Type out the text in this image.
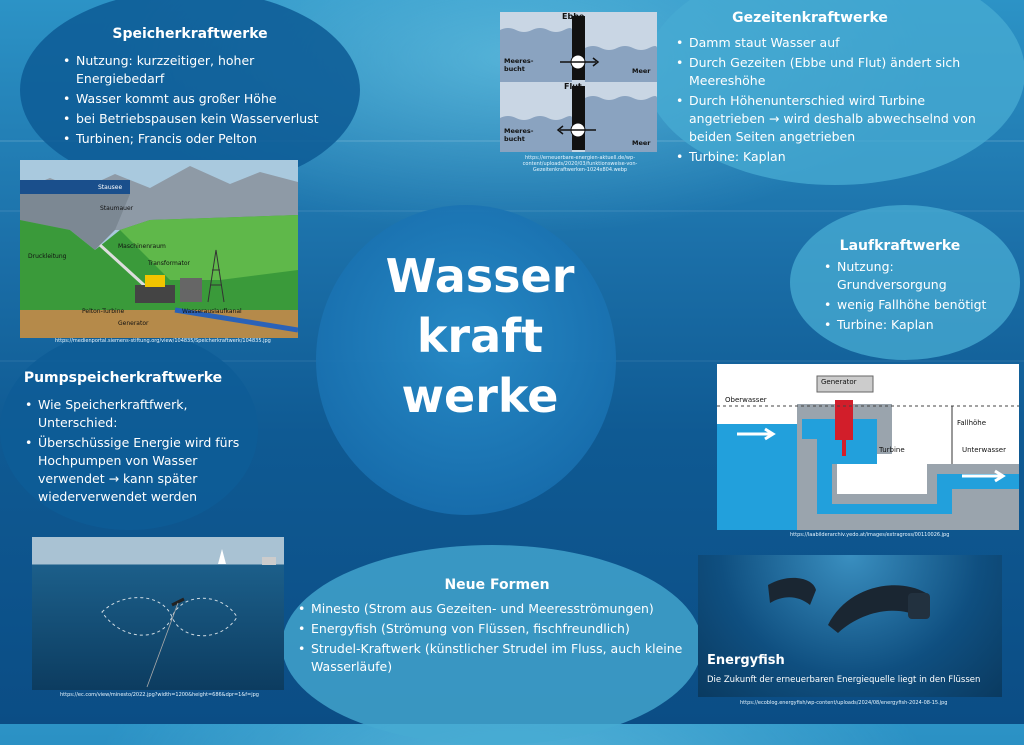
Wasser
kraft
werke
Speicherkraftwerke
• Nutzung: kurzzeitiger, hoher Energiebedarf
• Wasser kommt aus großer Höhe
• bei Betriebspausen kein Wasserverlust
• Turbinen; Francis oder Pelton
Gezeitenkraftwerke
• Damm staut Wasser auf
• Durch Gezeiten (Ebbe und Flut) ändert sich Meereshöhe
• Durch Höhenunterschied wird Turbine angetrieben → wird deshalb abwechselnd von beiden Seiten angetrieben
• Turbine: Kaplan
Laufkraftwerke
• Nutzung: Grundversorgung
• wenig Fallhöhe benötigt
• Turbine: Kaplan
Pumpspeicherkraftwerke
• Wie Speicherkraftfwerk, Unterschied:
• Überschüssige Energie wird fürs Hochpumpen von Wasser verwendet → kann später wiederverwendet werden
Neue Formen
• Minesto (Strom aus Gezeiten- und Meeresströmungen)
• Energyfish (Strömung von Flüssen, fischfreundlich)
• Strudel-Kraftwerk (künstlicher Strudel im Fluss, auch kleine Wasserläufe)
Ebbe
Flut
Meeres-
bucht	Meer
Meeres-
bucht	Meer
https://erneuerbare-energien-aktuell.de/wp-content/uploads/2020/03/funktionsweise-von-Gezeitenkraftwerken-1024x804.webp
Stausee
Staumauer
Druckleitung
Maschinenraum
Transformator
Pelton-Turbine
Generator
Wasserauslaufkanal
https://medienportal.siemens-stiftung.org/view/104835/Speicherkraftwerk/104835.jpg
Generator
Oberwasser
Fallhöhe
Turbine	Unterwasser
https://laabilderarchiv.yedo.at/images/extragross/00110026.jpg
https://ec.com/view/minesto/2022.jpg?width=1200&height=686&dpr=1&f=jpg
Energyfish
Die Zukunft der erneuerbaren Energiequelle liegt in den Flüssen
https://ecoblog.energyfish/wp-content/uploads/2024/08/energyfish-2024-08-15.jpg
